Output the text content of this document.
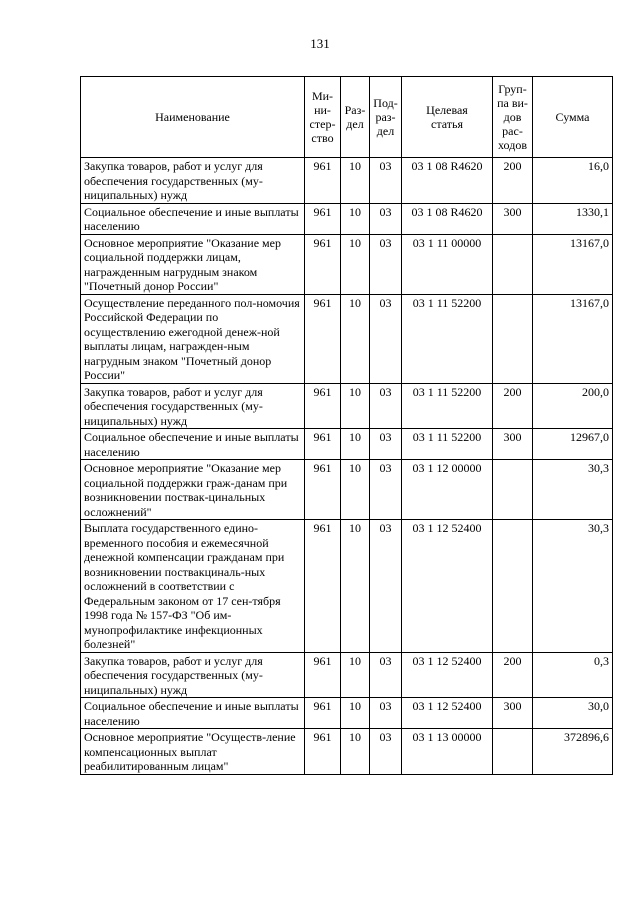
131
Наименование	Ми-
ни-
стер-
ство	Раз-
дел	Под-
раз-
дел	Целевая
статья	Груп-
па ви-
дов
рас-
ходов	Сумма
Закупка товаров, работ и услуг для обеспечения государственных (му-ниципальных) нужд	961	10	03	03 1 08 R4620	200	16,0
Социальное обеспечение и иные выплаты населению	961	10	03	03 1 08 R4620	300	1330,1
Основное мероприятие "Оказание мер социальной поддержки лицам, награжденным нагрудным знаком "Почетный донор России"	961	10	03	03 1 11 00000		13167,0
Осуществление переданного пол-номочия Российской Федерации по осуществлению ежегодной денеж-ной выплаты лицам, награжден-ным нагрудным знаком "Почетный донор России"	961	10	03	03 1 11 52200		13167,0
Закупка товаров, работ и услуг для обеспечения государственных (му-ниципальных) нужд	961	10	03	03 1 11 52200	200	200,0
Социальное обеспечение и иные выплаты населению	961	10	03	03 1 11 52200	300	12967,0
Основное мероприятие "Оказание мер социальной поддержки граж-данам при возникновении поствак-цинальных осложнений"	961	10	03	03 1 12 00000		30,3
Выплата государственного едино-временного пособия и ежемесячной денежной компенсации гражданам при возникновении поствакциналь-ных осложнений в соответствии с Федеральным законом от 17 сен-тября 1998 года № 157-ФЗ "Об им-мунопрофилактике инфекционных болезней"	961	10	03	03 1 12 52400		30,3
Закупка товаров, работ и услуг для обеспечения государственных (му-ниципальных) нужд	961	10	03	03 1 12 52400	200	0,3
Социальное обеспечение и иные выплаты населению	961	10	03	03 1 12 52400	300	30,0
Основное мероприятие "Осуществ-ление компенсационных выплат реабилитированным лицам"	961	10	03	03 1 13 00000		372896,6
